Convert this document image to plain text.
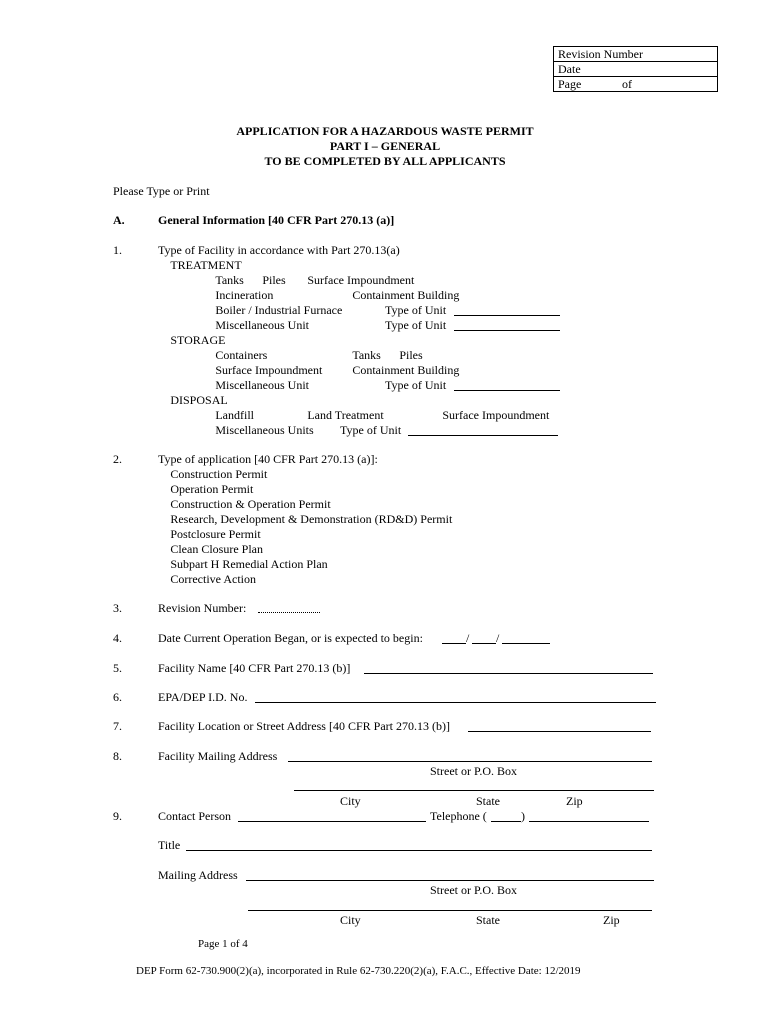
Revision Number
Date
Page	of
APPLICATION FOR A HAZARDOUS WASTE PERMIT
PART I – GENERAL
TO BE COMPLETED BY ALL APPLICANTS
Please Type or Print
A.	General Information [40 CFR Part 270.13 (a)]
1.	Type of Facility in accordance with Part 270.13(a)
TREATMENT
Tanks Piles Surface Impoundment
Incineration	Containment Building
Boiler / Industrial Furnace	Type of Unit
Miscellaneous Unit	Type of Unit
STORAGE
Containers	Tanks Piles
Surface Impoundment	Containment Building
Miscellaneous Unit	Type of Unit
DISPOSAL
Landfill	Land Treatment	Surface Impoundment
Miscellaneous Units	Type of Unit
2.	Type of application [40 CFR Part 270.13 (a)]:
Construction Permit
Operation Permit
Construction & Operation Permit
Research, Development & Demonstration (RD&D) Permit
Postclosure Permit
Clean Closure Plan
Subpart H Remedial Action Plan
Corrective Action
3.	Revision Number:
4.	Date Current Operation Began, or is expected to begin:	/ /
5.	Facility Name [40 CFR Part 270.13 (b)]
6.	EPA/DEP I.D. No.
7.	Facility Location or Street Address [40 CFR Part 270.13 (b)]
8.	Facility Mailing Address
Street or P.O. Box
City	State	Zip
9.	Contact Person	Telephone (	)
Title
Mailing Address
Street or P.O. Box
City	State	Zip
Page 1 of 4
DEP Form 62-730.900(2)(a), incorporated in Rule 62-730.220(2)(a), F.A.C., Effective Date: 12/2019
